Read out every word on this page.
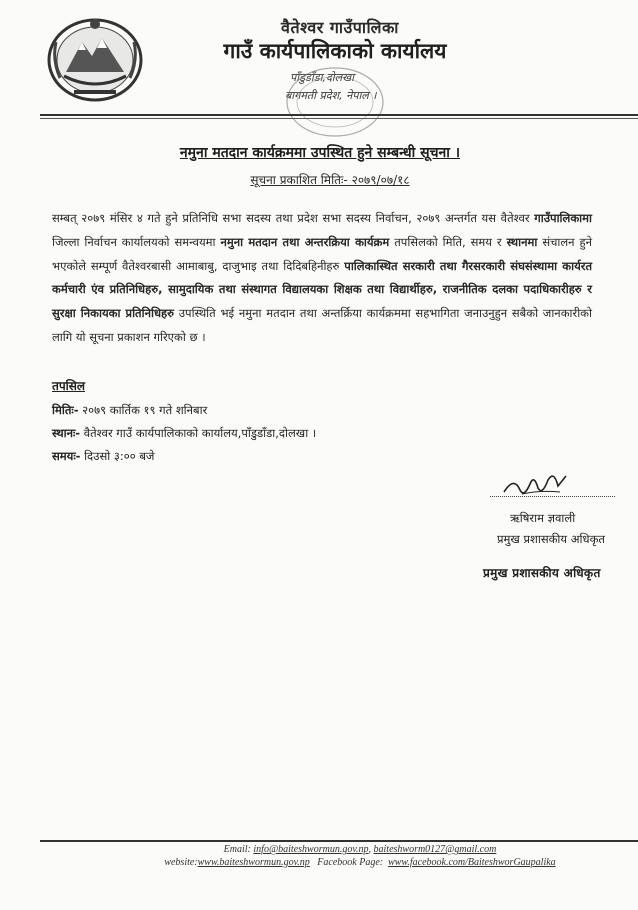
वैतेश्वर गाउँपालिका
गाउँ कार्यपालिकाको कार्यालय
पाँडुडाँडा,दोलखा
बागमती प्रदेश, नेपाल ।
नमुना मतदान कार्यक्रममा उपस्थित हुने सम्बन्धी सूचना ।
सूचना प्रकाशित मितिः- २०७९/०७/१८
सम्बत् २०७९ मंसिर ४ गते हुने प्रतिनिधि सभा सदस्य तथा प्रदेश सभा सदस्य निर्वाचन, २०७९ अन्तर्गत यस वैतेश्वर गाउँपालिकामा जिल्ला निर्वाचन कार्यालयको समन्वयमा नमुना मतदान तथा अन्तरक्रिया कार्यक्रम तपसिलको मिति, समय र स्थानमा संचालन हुने भएकोले सम्पूर्ण वैतेश्वरबासी आमाबाबु, दाजुभाइ तथा दिदिबहिनीहरु पालिकास्थित सरकारी तथा गैरसरकारी संघसंस्थामा कार्यरत कर्मचारी एंव प्रतिनिधिहरु, सामुदायिक तथा संस्थागत विद्यालयका शिक्षक तथा विद्यार्थीहरु, राजनीतिक दलका पदाधिकारीहरु र सुरक्षा निकायका प्रतिनिधिहरु उपस्थिति भई नमुना मतदान तथा अन्तर्क्रिया कार्यक्रममा सहभागिता जनाउनुहुन सबैको जानकारीको लागि यो सूचना प्रकाशन गरिएको छ ।
तपसिल
मितिः- २०७९ कार्तिक १९ गते शनिबार
स्थानः- वैतेश्वर गाउँ कार्यपालिकाको कार्यालय,पाँडुडाँडा,दोलखा ।
समयः- दिउसो ३:०० बजे
ऋषिराम ज्ञवाली
प्रमुख प्रशासकीय अधिकृत
प्रमुख प्रशासकीय अधिकृत
Email: info@baiteshwormun.gov.np, baiteshworm0127@gmail.com
website:www.baiteshwormun.gov.np   Facebook Page:  www.facebook.com/BaiteshworGaupalika
